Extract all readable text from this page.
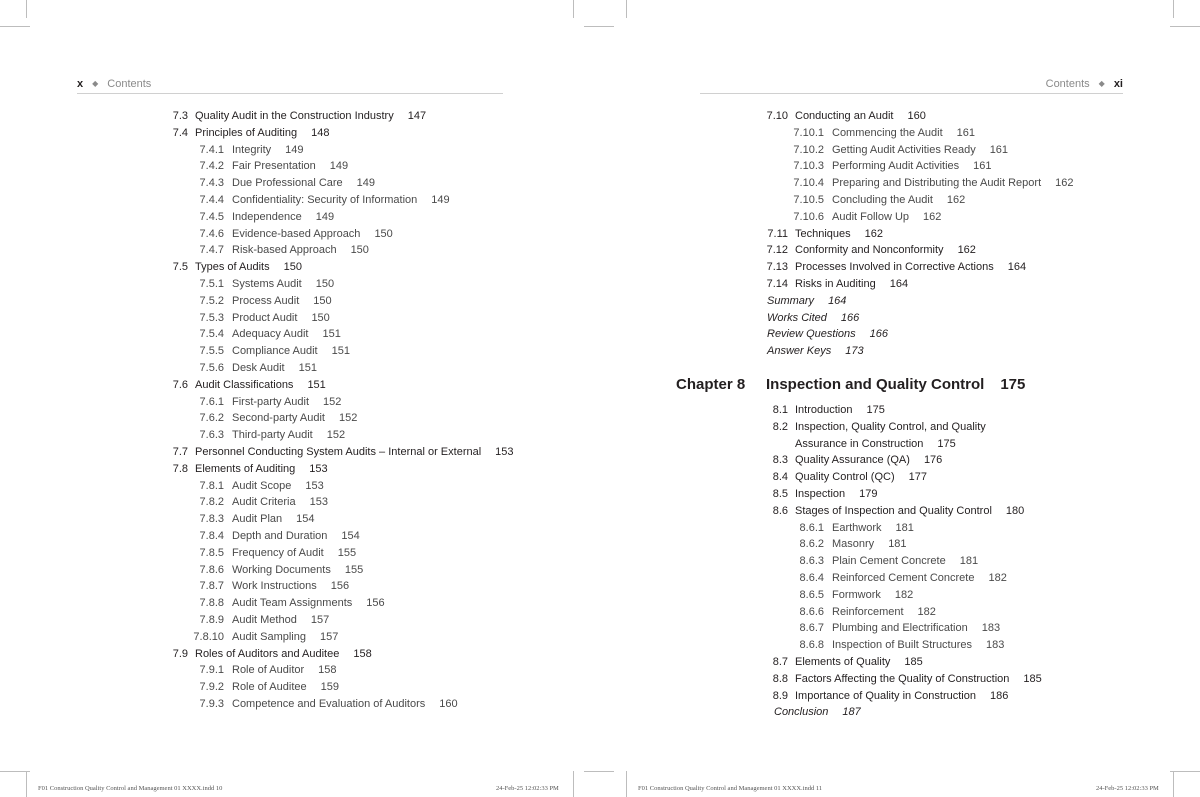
x ◆ Contents
7.3 Quality Audit in the Construction Industry 147
7.4 Principles of Auditing 148
7.4.1 Integrity 149
7.4.2 Fair Presentation 149
7.4.3 Due Professional Care 149
7.4.4 Confidentiality: Security of Information 149
7.4.5 Independence 149
7.4.6 Evidence-based Approach 150
7.4.7 Risk-based Approach 150
7.5 Types of Audits 150
7.5.1 Systems Audit 150
7.5.2 Process Audit 150
7.5.3 Product Audit 150
7.5.4 Adequacy Audit 151
7.5.5 Compliance Audit 151
7.5.6 Desk Audit 151
7.6 Audit Classifications 151
7.6.1 First-party Audit 152
7.6.2 Second-party Audit 152
7.6.3 Third-party Audit 152
7.7 Personnel Conducting System Audits – Internal or External 153
7.8 Elements of Auditing 153
7.8.1 Audit Scope 153
7.8.2 Audit Criteria 153
7.8.3 Audit Plan 154
7.8.4 Depth and Duration 154
7.8.5 Frequency of Audit 155
7.8.6 Working Documents 155
7.8.7 Work Instructions 156
7.8.8 Audit Team Assignments 156
7.8.9 Audit Method 157
7.8.10 Audit Sampling 157
7.9 Roles of Auditors and Auditee 158
7.9.1 Role of Auditor 158
7.9.2 Role of Auditee 159
7.9.3 Competence and Evaluation of Auditors 160
Contents ◆ xi
7.10 Conducting an Audit 160
7.10.1 Commencing the Audit 161
7.10.2 Getting Audit Activities Ready 161
7.10.3 Performing Audit Activities 161
7.10.4 Preparing and Distributing the Audit Report 162
7.10.5 Concluding the Audit 162
7.10.6 Audit Follow Up 162
7.11 Techniques 162
7.12 Conformity and Nonconformity 162
7.13 Processes Involved in Corrective Actions 164
7.14 Risks in Auditing 164
Summary 164
Works Cited 166
Review Questions 166
Answer Keys 173
Chapter 8 Inspection and Quality Control 175
8.1 Introduction 175
8.2 Inspection, Quality Control, and Quality
Assurance in Construction 175
8.3 Quality Assurance (QA) 176
8.4 Quality Control (QC) 177
8.5 Inspection 179
8.6 Stages of Inspection and Quality Control 180
8.6.1 Earthwork 181
8.6.2 Masonry 181
8.6.3 Plain Cement Concrete 181
8.6.4 Reinforced Cement Concrete 182
8.6.5 Formwork 182
8.6.6 Reinforcement 182
8.6.7 Plumbing and Electrification 183
8.6.8 Inspection of Built Structures 183
8.7 Elements of Quality 185
8.8 Factors Affecting the Quality of Construction 185
8.9 Importance of Quality in Construction 186
Conclusion 187
F01 Construction Quality Control and Management 01 XXXX.indd 10	24-Feb-25 12:02:33 PM	F01 Construction Quality Control and Management 01 XXXX.indd 11	24-Feb-25 12:02:33 PM
